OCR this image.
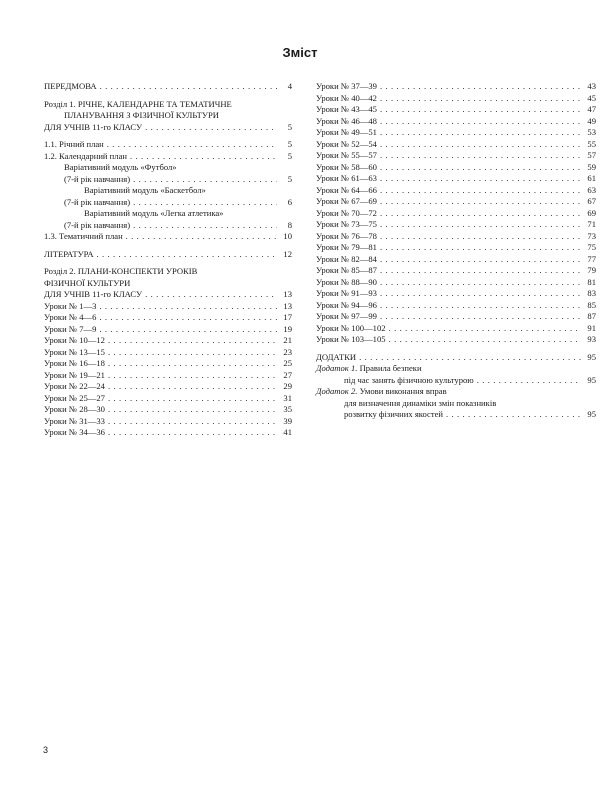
Зміст
ПЕРЕДМОВА . . .	4
Розділ 1. РІЧНЕ, КАЛЕНДАРНЕ ТА ТЕМАТИЧНЕ
ПЛАНУВАННЯ З ФІЗИЧНОЇ КУЛЬТУРИ
ДЛЯ УЧНІВ 11-го КЛАСУ . . .	5
1.1. Річний план . . .	5
1.2. Календарний план . . .	5
Варіативний модуль «Футбол»
(7-й рік навчання) . . .	5
Варіативний модуль «Баскетбол»
(7-й рік навчання) . . .	6
Варіативний модуль «Легка атлетика»
(7-й рік навчання) . . .	8
1.3. Тематичний план . . .	10
ЛІТЕРАТУРА . . .	12
Розділ 2. ПЛАНИ-КОНСПЕКТИ УРОКІВ
ФІЗИЧНОЇ КУЛЬТУРИ
ДЛЯ УЧНІВ 11-го КЛАСУ . . .	13
Уроки № 1—3 . . .	13
Уроки № 4—6 . . .	17
Уроки № 7—9 . . .	19
Уроки № 10—12 . . .	21
Уроки № 13—15 . . .	23
Уроки № 16—18 . . .	25
Уроки № 19—21 . . .	27
Уроки № 22—24 . . .	29
Уроки № 25—27 . . .	31
Уроки № 28—30 . . .	35
Уроки № 31—33 . . .	39
Уроки № 34—36 . . .	41
Уроки № 37—39 . . .	43
Уроки № 40—42 . . .	45
Уроки № 43—45 . . .	47
Уроки № 46—48 . . .	49
Уроки № 49—51 . . .	53
Уроки № 52—54 . . .	55
Уроки № 55—57 . . .	57
Уроки № 58—60 . . .	59
Уроки № 61—63 . . .	61
Уроки № 64—66 . . .	63
Уроки № 67—69 . . .	67
Уроки № 70—72 . . .	69
Уроки № 73—75 . . .	71
Уроки № 76—78 . . .	73
Уроки № 79—81 . . .	75
Уроки № 82—84 . . .	77
Уроки № 85—87 . . .	79
Уроки № 88—90 . . .	81
Уроки № 91—93 . . .	83
Уроки № 94—96 . . .	85
Уроки № 97—99 . . .	87
Уроки № 100—102 . . .	91
Уроки № 103—105 . . .	93
ДОДАТКИ . . .	95
Додаток 1. Правила безпеки
під час занять фізичною культурою . . .	95
Додаток 2. Умови виконання вправ
для визначення динаміки змін показників
розвитку фізичних якостей . . .	95
3
